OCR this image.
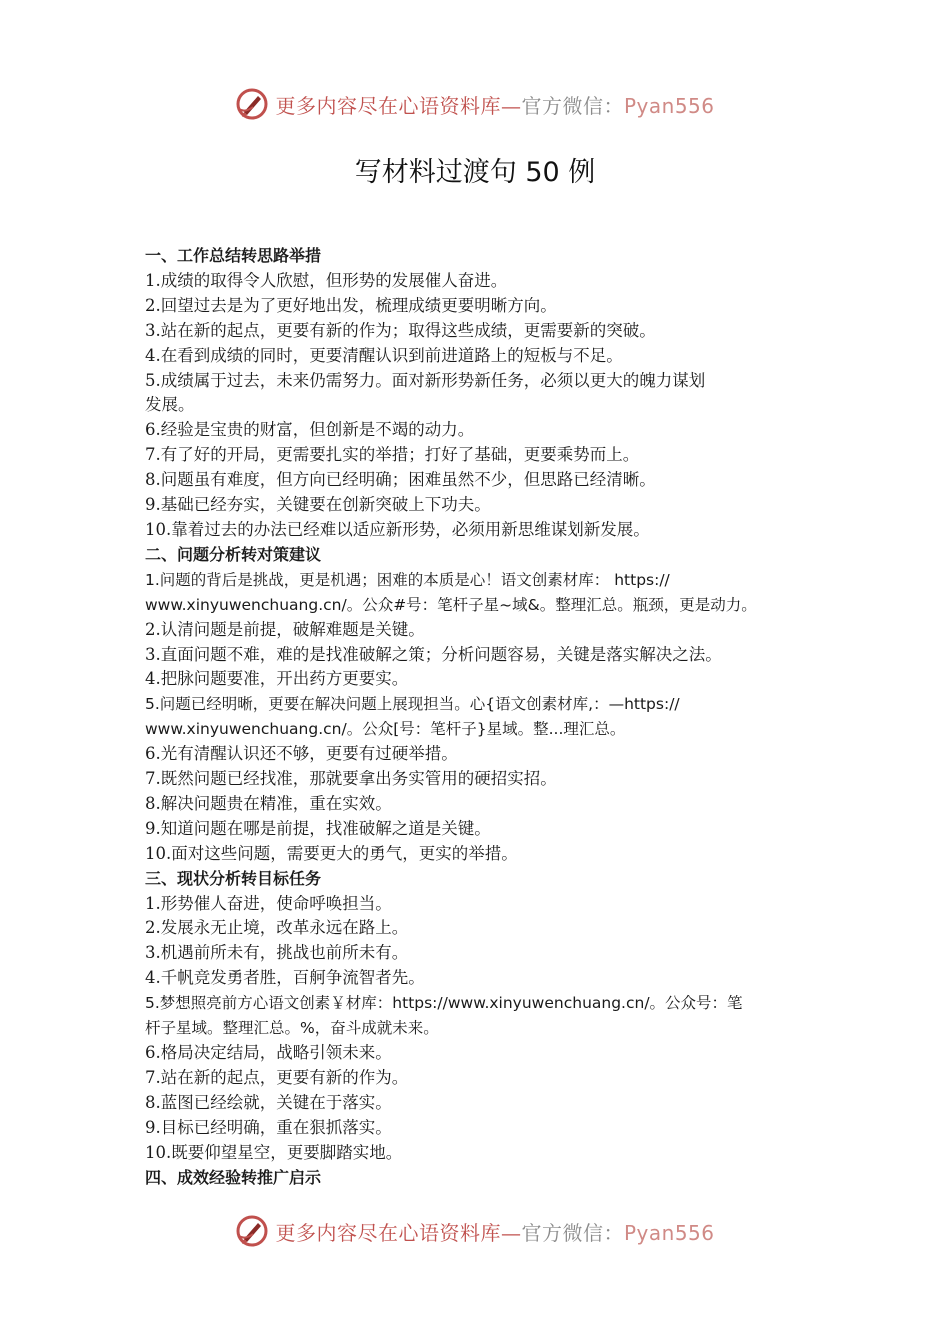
更多内容尽在心语资料库—官方微信：Pyan556
写材料过渡句 50 例
一、工作总结转思路举措
1.成绩的取得令人欣慰，但形势的发展催人奋进。
2.回望过去是为了更好地出发，梳理成绩更要明晰方向。
3.站在新的起点，更要有新的作为；取得这些成绩，更需要新的突破。
4.在看到成绩的同时，更要清醒认识到前进道路上的短板与不足。
5.成绩属于过去，未来仍需努力。面对新形势新任务，必须以更大的魄力谋划
发展。
6.经验是宝贵的财富，但创新是不竭的动力。
7.有了好的开局，更需要扎实的举措；打好了基础，更要乘势而上。
8.问题虽有难度，但方向已经明确；困难虽然不少，但思路已经清晰。
9.基础已经夯实，关键要在创新突破上下功夫。
10.靠着过去的办法已经难以适应新形势，必须用新思维谋划新发展。
二、问题分析转对策建议
1.问题的背后是挑战，更是机遇；困难的本质是心！语文创素材库： https://
www.xinyuwenchuang.cn/。公众#号：笔杆子星~域&。整理汇总。瓶颈，更是动力。
2.认清问题是前提，破解难题是关键。
3.直面问题不难，难的是找准破解之策；分析问题容易，关键是落实解决之法。
4.把脉问题要准，开出药方更要实。
5.问题已经明晰，更要在解决问题上展现担当。心{语文创素材库,：—https://
www.xinyuwenchuang.cn/。公众[号：笔杆子}星域。整...理汇总。
6.光有清醒认识还不够，更要有过硬举措。
7.既然问题已经找准，那就要拿出务实管用的硬招实招。
8.解决问题贵在精准，重在实效。
9.知道问题在哪是前提，找准破解之道是关键。
10.面对这些问题，需要更大的勇气，更实的举措。
三、现状分析转目标任务
1.形势催人奋进，使命呼唤担当。
2.发展永无止境，改革永远在路上。
3.机遇前所未有，挑战也前所未有。
4.千帆竞发勇者胜，百舸争流智者先。
5.梦想照亮前方心语文创素￥材库：https://www.xinyuwenchuang.cn/。公众号：笔
杆子星域。整理汇总。%，奋斗成就未来。
6.格局决定结局，战略引领未来。
7.站在新的起点，更要有新的作为。
8.蓝图已经绘就，关键在于落实。
9.目标已经明确，重在狠抓落实。
10.既要仰望星空，更要脚踏实地。
四、成效经验转推广启示
更多内容尽在心语资料库—官方微信：Pyan556
